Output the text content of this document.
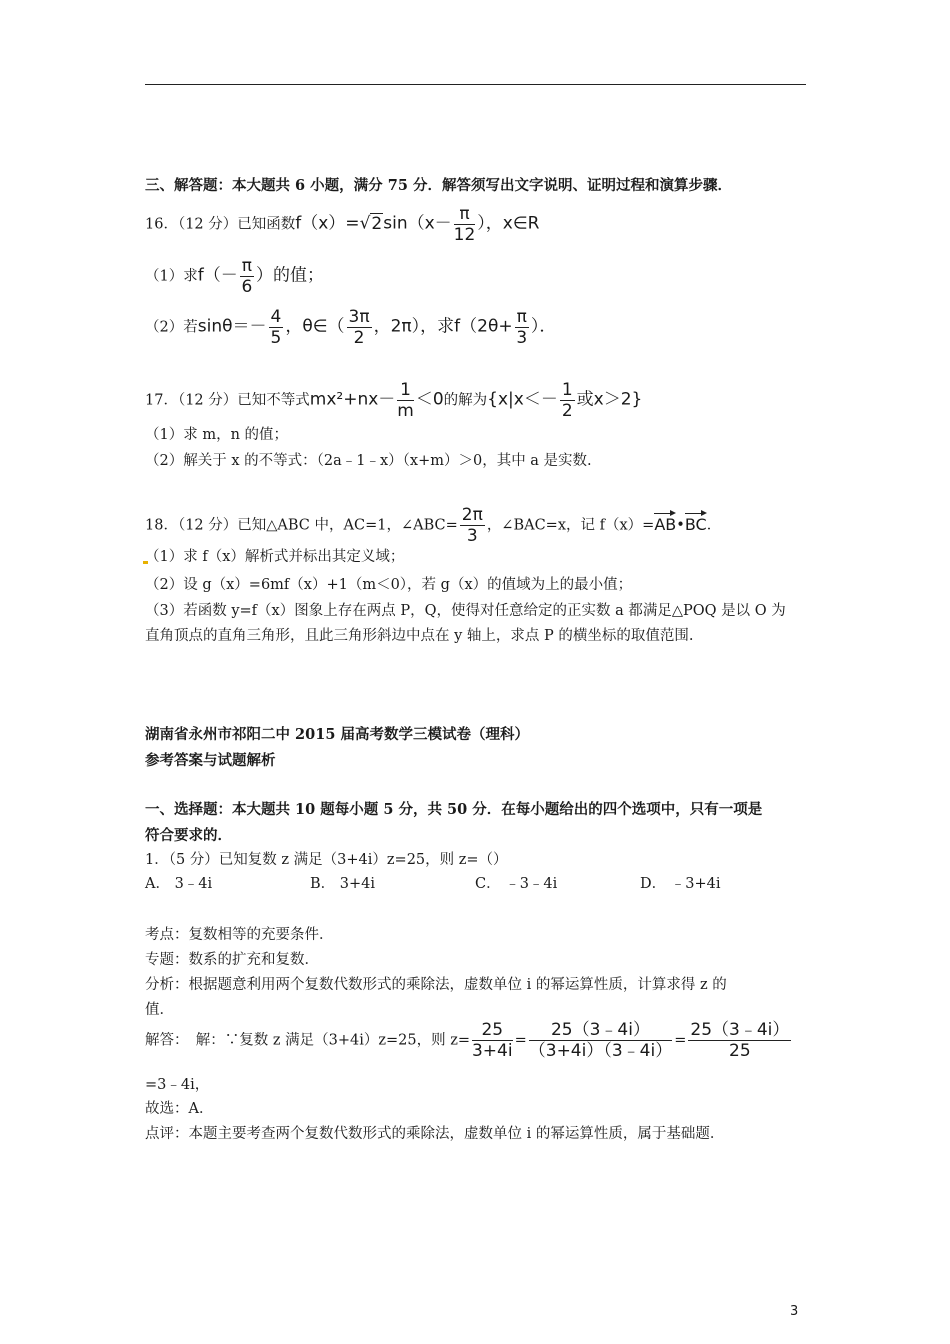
三、解答题：本大题共 6 小题，满分 75 分．解答须写出文字说明、证明过程和演算步骤．
16．（12 分）已知函数$f(x)=√2\sin(x- \frac{\pi}{12}$ ），x∈R
（1）求$f(- \frac{\pi}{6}$ ）的值；
（2）若$\sin\theta=- \frac{4}{5}$ ，θ∈（ $\frac{3\pi}{2}$ ，2π），求$f(2\theta+ \frac{\pi}{3}$ ）．
17．（12 分）已知不等式$mx^2+nx- \frac{1}{m} <0$的解为{$x|x<- \frac{1}{2}$ 或x＞2}
（1）求 m，n 的值；
（2）解关于 x 的不等式：（2a﹣1﹣x）（x+m）＞0，其中 a 是实数.
18．（12 分）已知△ABC 中，AC=1，∠ABC= $\frac{2\pi}{3}$ ，∠BAC=x，记 f（x）=AB•BC．
（1）求 f（x）解析式并标出其定义域；
（2）设 g（x）=6mf（x）+1（m＜0），若 g（x）的值域为上的最小值；
（3）若函数 y=f（x）图象上存在两点 P，Q，使得对任意给定的正实数 a 都满足△POQ 是以 O 为
直角顶点的直角三角形，且此三角形斜边中点在 y 轴上，求点 P 的横坐标的取值范围.
湖南省永州市祁阳二中 2015 届高考数学三模试卷（理科）
参考答案与试题解析
一、选择题：本大题共 10 题每小题 5 分，共 50 分．在每小题给出的四个选项中，只有一项是
符合要求的．
1．（5 分）已知复数 z 满足（3+4i）z=25，则 z=（）
A． 3﹣4i	B． 3+4i	C． ﹣3﹣4i	D． ﹣3+4i
考点：复数相等的充要条件．
专题：数系的扩充和复数．
分析：根据题意利用两个复数代数形式的乘除法，虚数单位 i 的幂运算性质，计算求得 z 的
值．
解答：　解：∵复数 z 满足（3+4i）z=25，则 $z= \frac{25}{3+4i} = \frac{25(3﹣4i)}{(3+4i)(3﹣4i)} = \frac{25(3﹣4i)}{25}$
=3﹣4i，
故选：A．
点评：本题主要考查两个复数代数形式的乘除法，虚数单位 i 的幂运算性质，属于基础题．
3
